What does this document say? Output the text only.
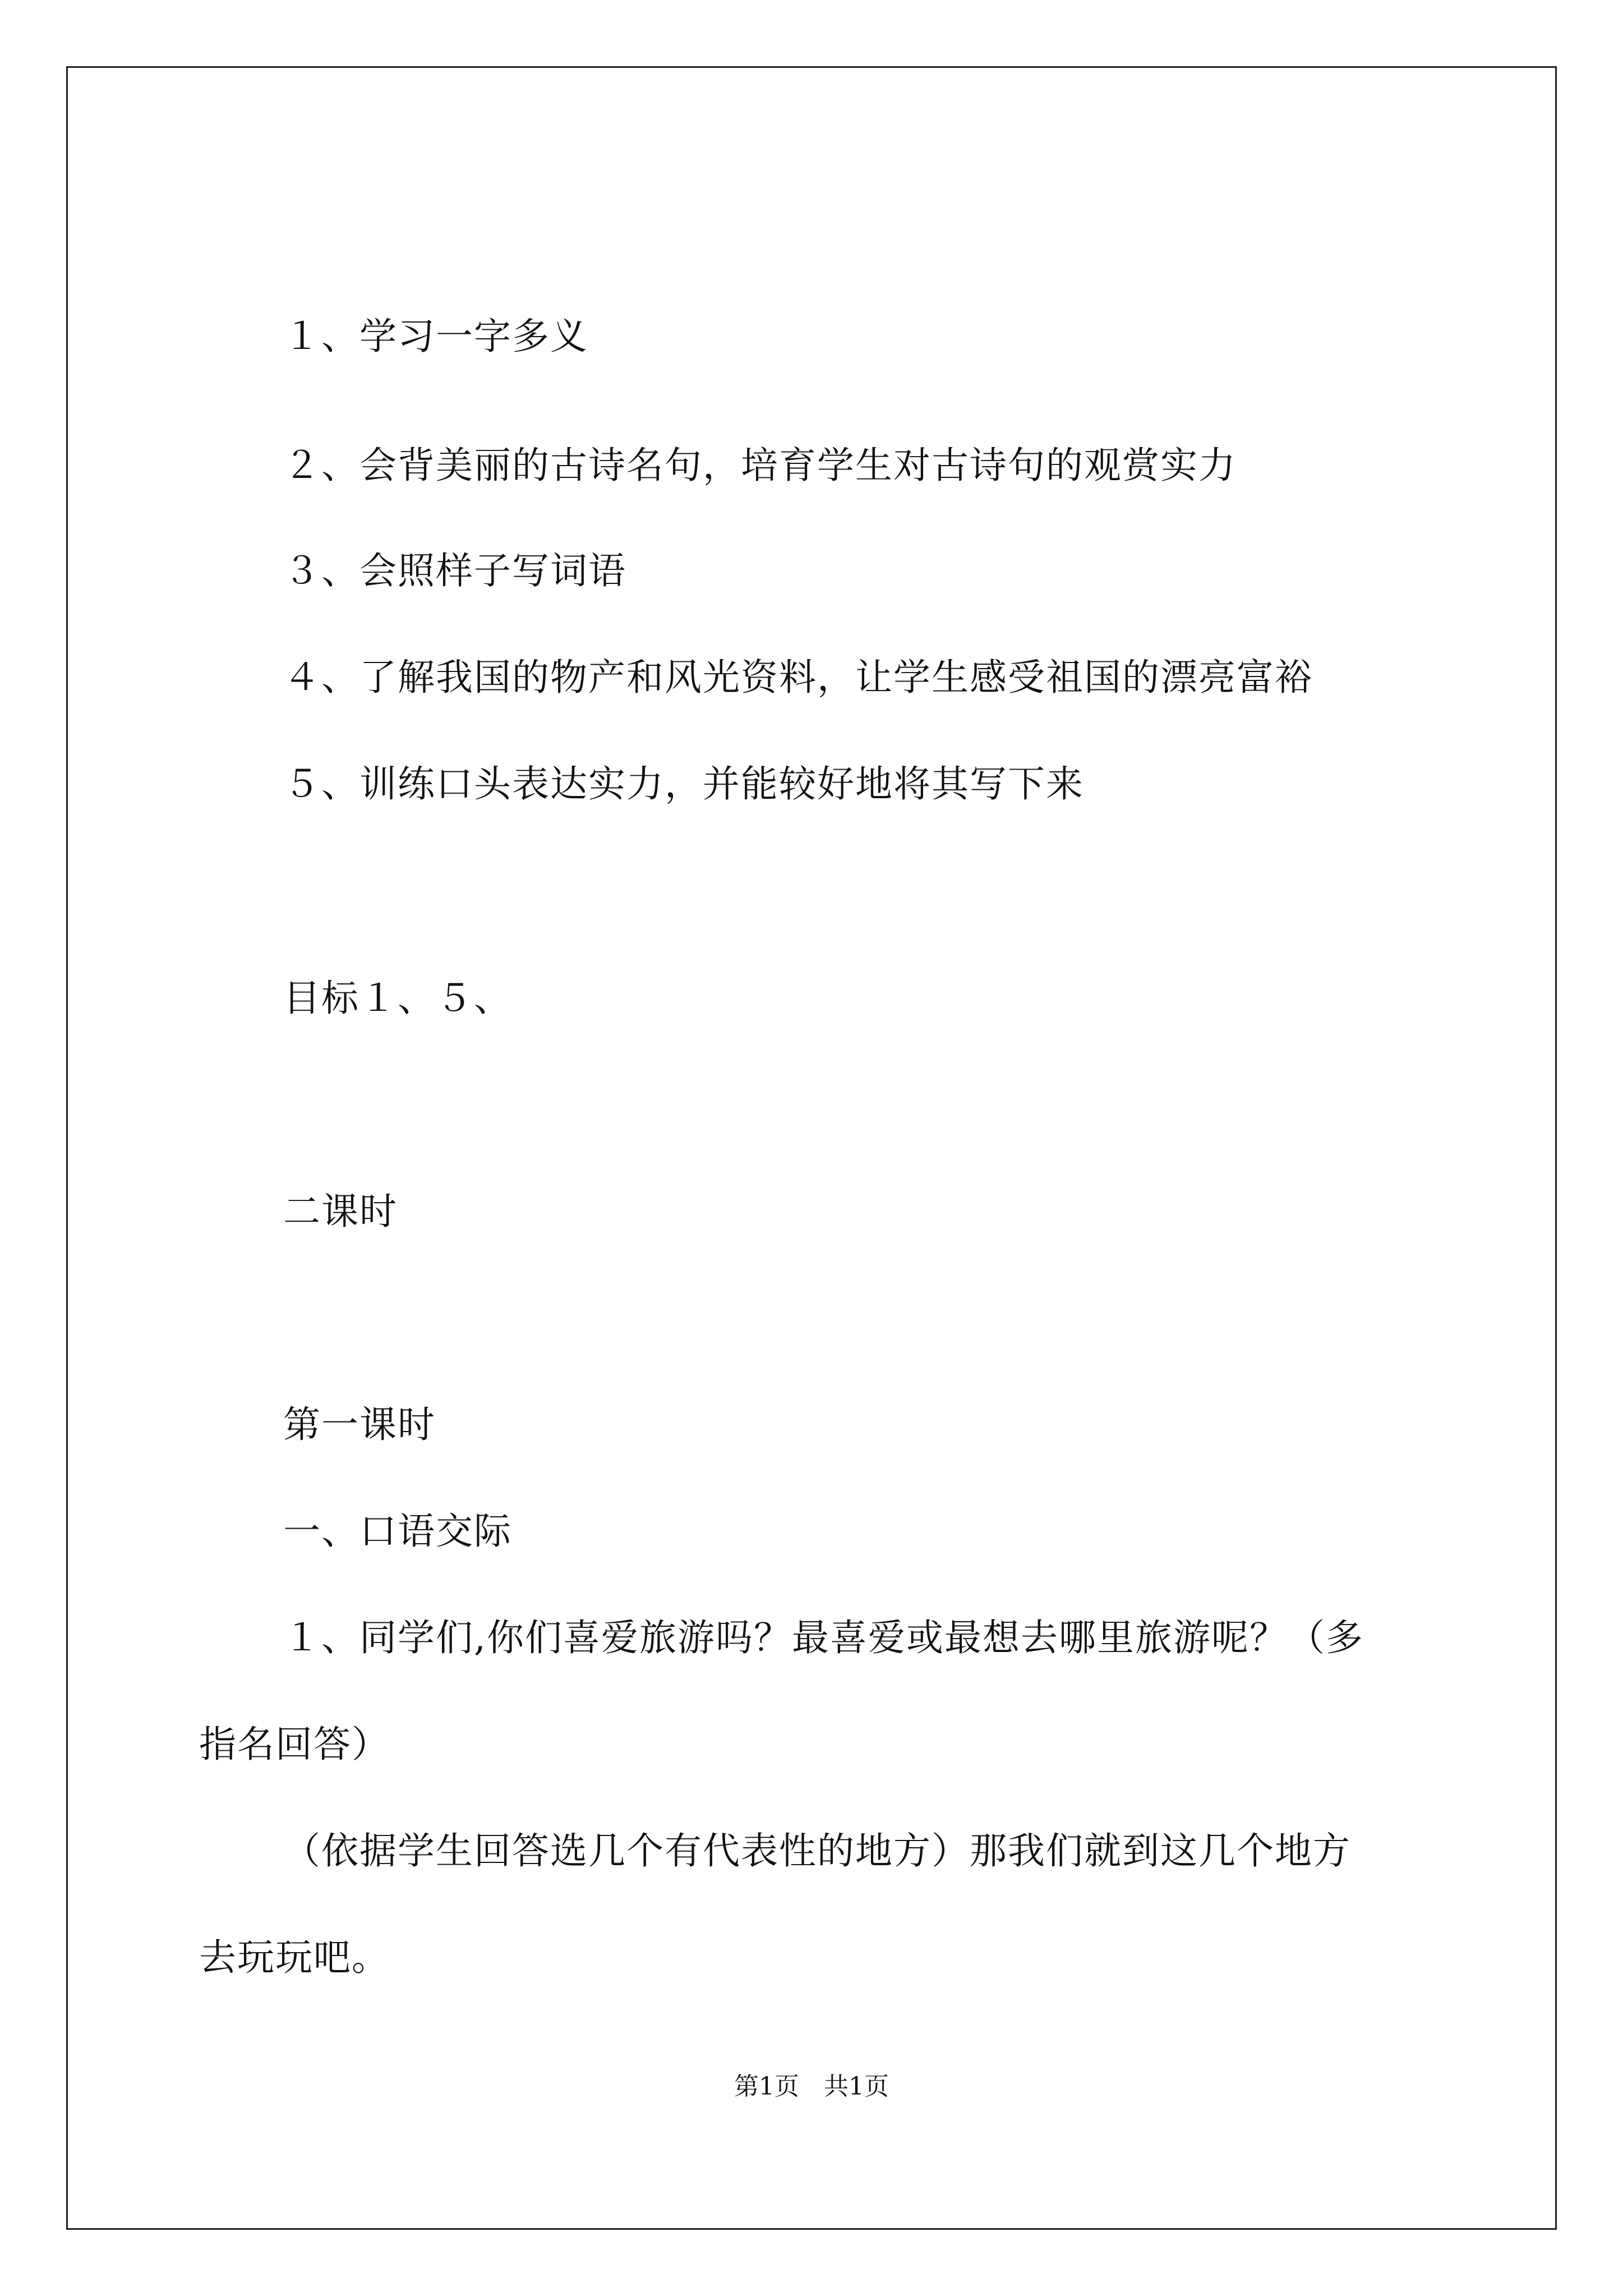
１、学习一字多义
２、会背美丽的古诗名句，培育学生对古诗句的观赏实力
３、会照样子写词语
４、了解我国的物产和风光资料，让学生感受祖国的漂亮富裕
５、训练口头表达实力，并能较好地将其写下来
目标１、５、
二课时
第一课时
一、口语交际
１、同学们,你们喜爱旅游吗？最喜爱或最想去哪里旅游呢？（多
指名回答）
（依据学生回答选几个有代表性的地方）那我们就到这几个地方
去玩玩吧。
第1页　共1页
